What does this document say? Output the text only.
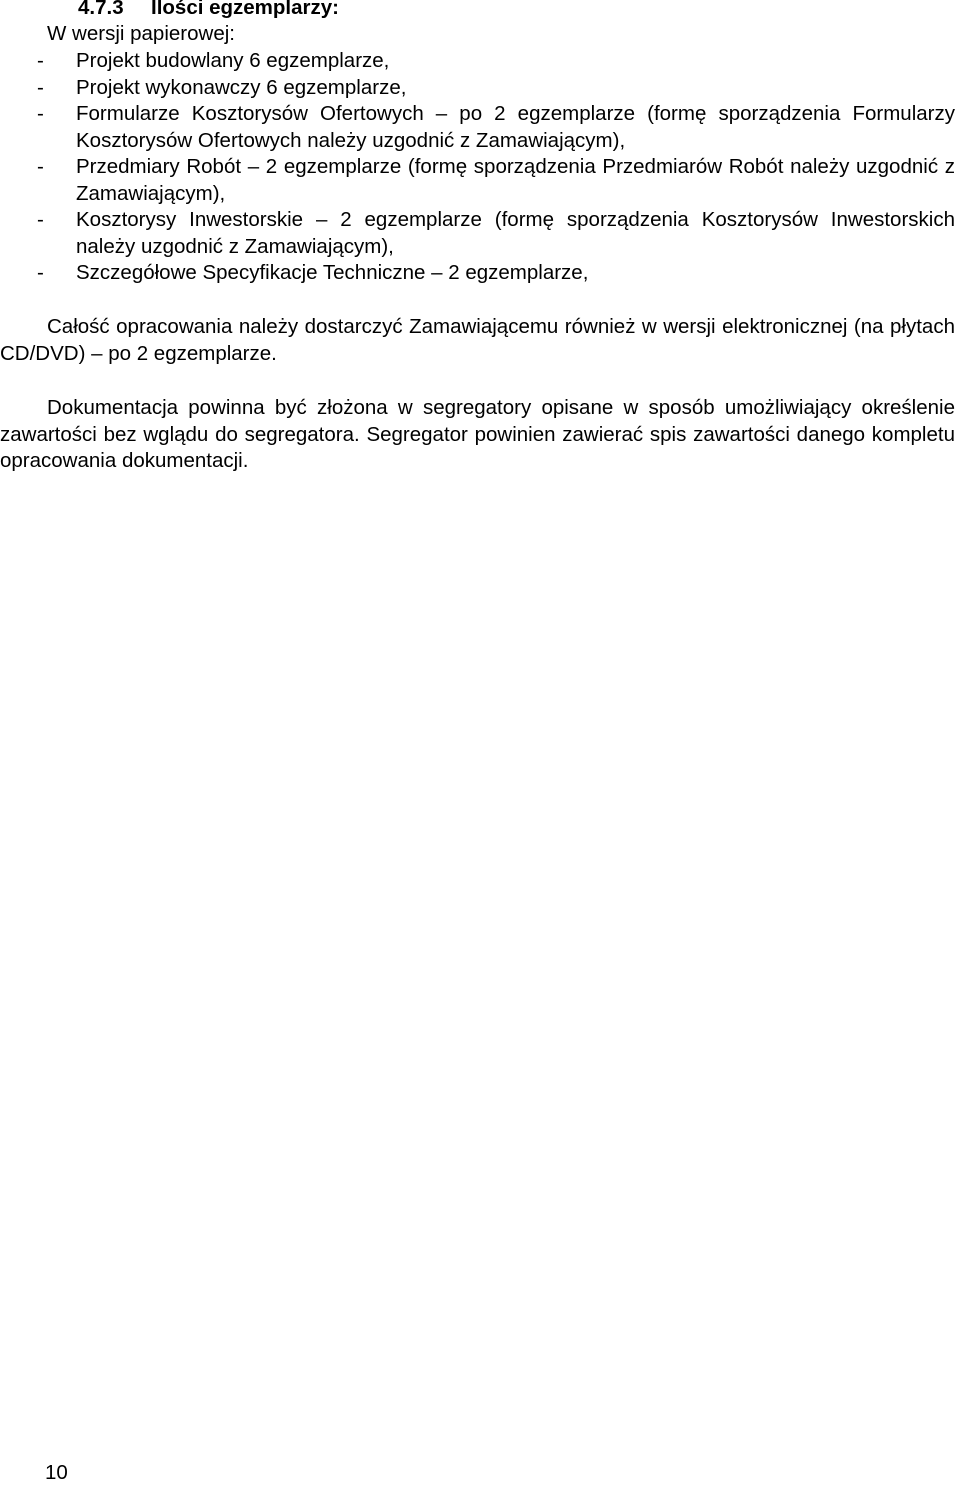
4.7.3 Ilości egzemplarzy:
W wersji papierowej:
- Projekt budowlany 6 egzemplarze,
- Projekt wykonawczy 6 egzemplarze,
- Formularze Kosztorysów Ofertowych – po 2 egzemplarze (formę sporządzenia Formularzy Kosztorysów Ofertowych należy uzgodnić z Zamawiającym),
- Przedmiary Robót – 2 egzemplarze (formę sporządzenia Przedmiarów Robót należy uzgodnić z Zamawiającym),
- Kosztorysy Inwestorskie – 2 egzemplarze (formę sporządzenia Kosztorysów Inwestorskich należy uzgodnić z Zamawiającym),
- Szczegółowe Specyfikacje Techniczne – 2 egzemplarze,

Całość opracowania należy dostarczyć Zamawiającemu również w wersji elektronicznej (na płytach CD/DVD) – po 2 egzemplarze.

Dokumentacja powinna być złożona w segregatory opisane w sposób umożliwiający określenie zawartości bez wglądu do segregatora. Segregator powinien zawierać spis zawartości danego kompletu opracowania dokumentacji.

10
